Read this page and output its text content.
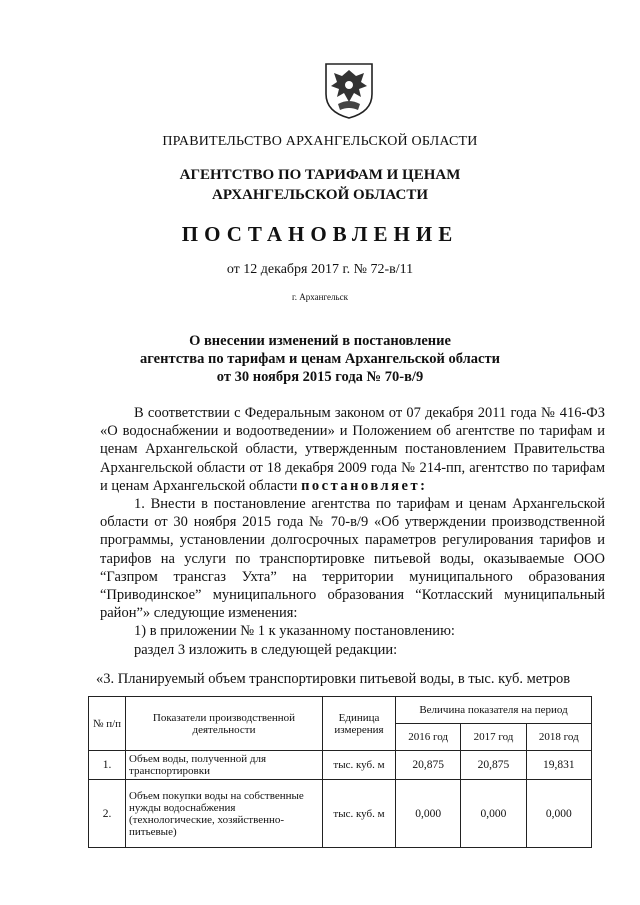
ПРАВИТЕЛЬСТВО АРХАНГЕЛЬСКОЙ ОБЛАСТИ
АГЕНТСТВО ПО ТАРИФАМ И ЦЕНАМ
АРХАНГЕЛЬСКОЙ ОБЛАСТИ
ПОСТАНОВЛЕНИЕ
от 12 декабря 2017 г. № 72-в/11
г. Архангельск
О внесении изменений в постановление
агентства по тарифам и ценам Архангельской области
от 30 ноября 2015 года № 70-в/9

В соответствии с Федеральным законом от 07 декабря 2011 года № 416-ФЗ «О водоснабжении и водоотведении» и Положением об агентстве по тарифам и ценам Архангельской области, утвержденным постановлением Правительства Архангельской области от 18 декабря 2009 года № 214-пп, агентство по тарифам и ценам Архангельской области постановляет:

1. Внести в постановление агентства по тарифам и ценам Архангельской области от 30 ноября 2015 года № 70-в/9 «Об утверждении производственной программы, установлении долгосрочных параметров регулирования тарифов и тарифов на услуги по транспортировке питьевой воды, оказываемые ООО “Газпром трансгаз Ухта” на территории муниципального образования “Приводинское” муниципального образования “Котласский муниципальный район”» следующие изменения:

1) в приложении № 1 к указанному постановлению:

раздел 3 изложить в следующей редакции:

«3. Планируемый объем транспортировки питьевой воды, в тыс. куб. метров
№ п/п	Показатели производственной деятельности	Единица измерения	Величина показателя на период		
			2016 год	2017 год	2018 год
1.	Объем воды, полученной для транспортировки	тыс. куб. м	20,875	20,875	19,831
2.	Объем покупки воды на собственные нужды водоснабжения (технологические, хозяйственно-питьевые)	тыс. куб. м	0,000	0,000	0,000
